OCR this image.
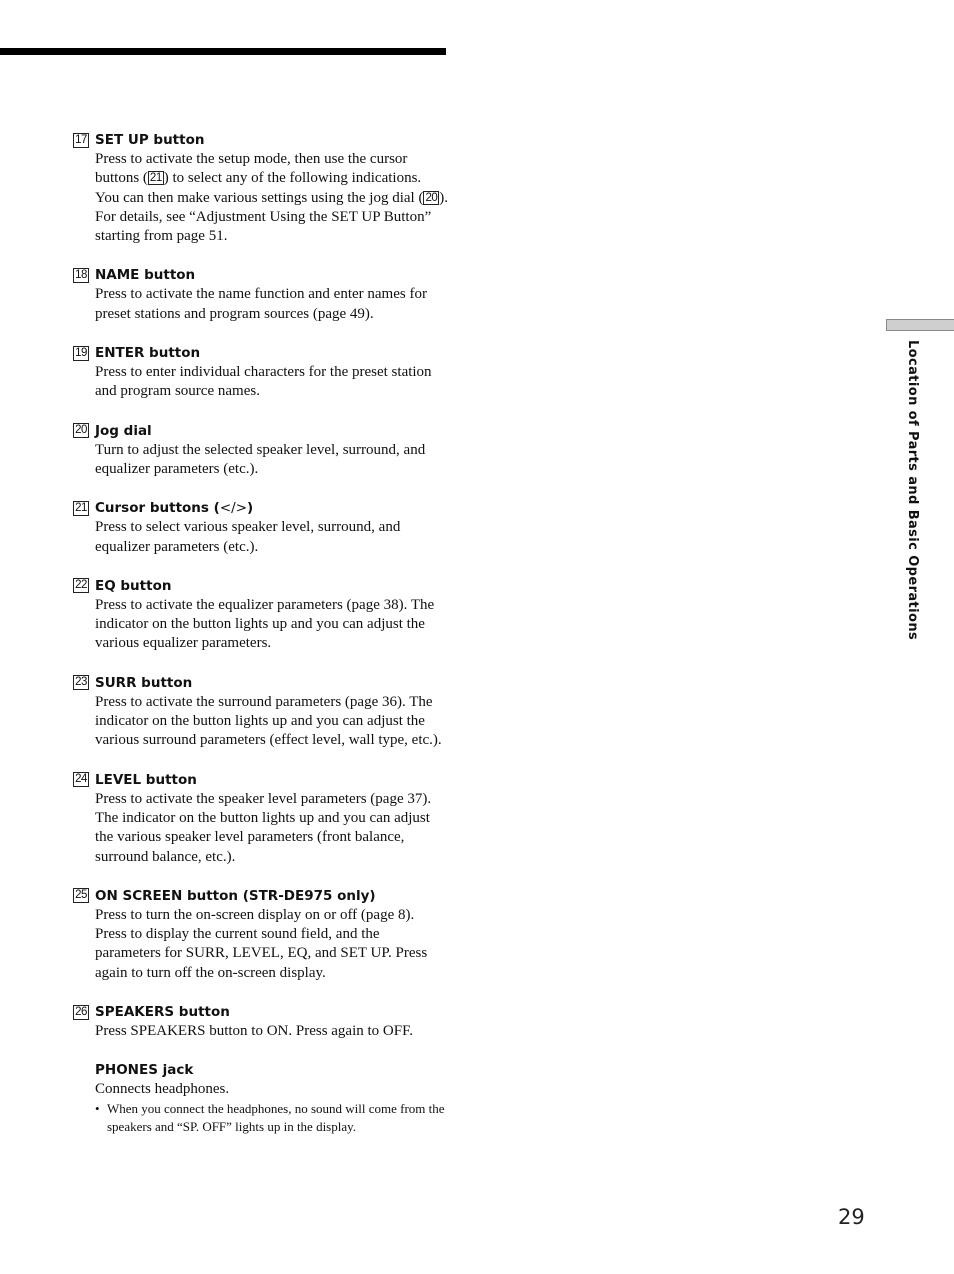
17 SET UP button
Press to activate the setup mode, then use the cursor buttons ( 21 ) to select any of the following indications. You can then make various settings using the jog dial ( 20 ). For details, see “Adjustment Using the SET UP Button” starting from page 51.
18 NAME button
Press to activate the name function and enter names for preset stations and program sources (page 49).
19 ENTER button
Press to enter individual characters for the preset station and program source names.
20 Jog dial
Turn to adjust the selected speaker level, surround, and equalizer parameters (etc.).
21 Cursor buttons (</>)
Press to select various speaker level, surround, and equalizer parameters (etc.).
22 EQ button
Press to activate the equalizer parameters (page 38). The indicator on the button lights up and you can adjust the various equalizer parameters.
23 SURR button
Press to activate the surround parameters (page 36). The indicator on the button lights up and you can adjust the various surround parameters (effect level, wall type, etc.).
24 LEVEL button
Press to activate the speaker level parameters (page 37). The indicator on the button lights up and you can adjust the various speaker level parameters (front balance, surround balance, etc.).
25 ON SCREEN button (STR-DE975 only)
Press to turn the on-screen display on or off (page 8). Press to display the current sound field, and the parameters for SURR, LEVEL, EQ, and SET UP. Press again to turn off the on-screen display.
26 SPEAKERS button
Press SPEAKERS button to ON. Press again to OFF.
PHONES jack
Connects headphones.
• When you connect the headphones, no sound will come from the speakers and “SP. OFF” lights up in the display.
Location of Parts and Basic Operations
29
